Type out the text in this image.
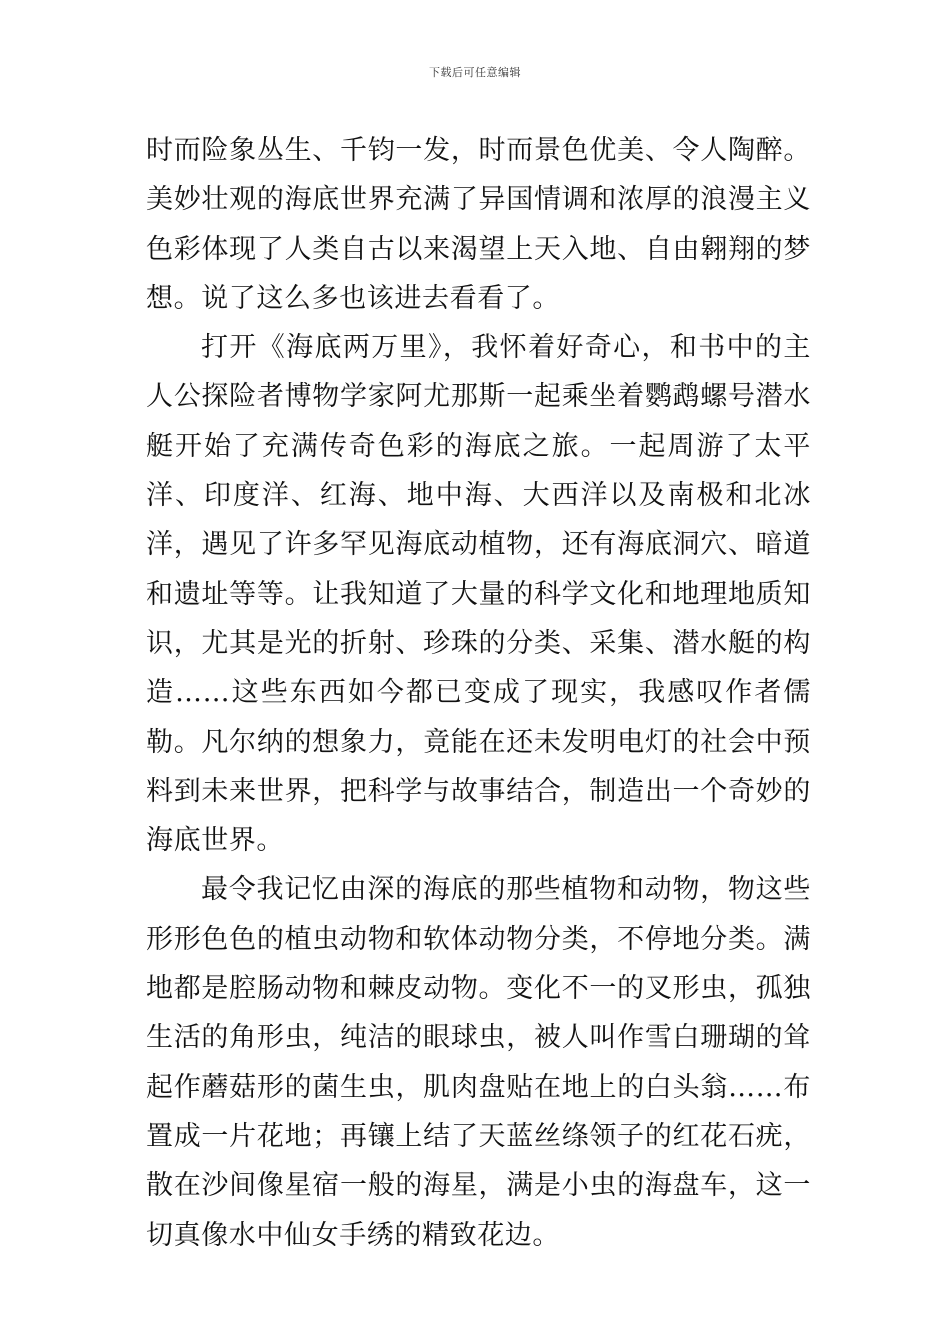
下载后可任意编辑

时而险象丛生、千钧一发，时而景色优美、令人陶醉。美妙壮观的海底世界充满了异国情调和浓厚的浪漫主义色彩体现了人类自古以来渴望上天入地、自由翱翔的梦想。说了这么多也该进去看看了。

打开《海底两万里》，我怀着好奇心，和书中的主人公探险者博物学家阿尤那斯一起乘坐着鹦鹉螺号潜水艇开始了充满传奇色彩的海底之旅。一起周游了太平洋、印度洋、红海、地中海、大西洋以及南极和北冰洋，遇见了许多罕见海底动植物，还有海底洞穴、暗道和遗址等等。让我知道了大量的科学文化和地理地质知识，尤其是光的折射、珍珠的分类、采集、潜水艇的构造……这些东西如今都已变成了现实，我感叹作者儒勒。凡尔纳的想象力，竟能在还未发明电灯的社会中预料到未来世界，把科学与故事结合，制造出一个奇妙的海底世界。

最令我记忆由深的海底的那些植物和动物，物这些形形色色的植虫动物和软体动物分类，不停地分类。满地都是腔肠动物和棘皮动物。变化不一的叉形虫，孤独生活的角形虫，纯洁的眼球虫，被人叫作雪白珊瑚的耸起作蘑菇形的菌生虫，肌肉盘贴在地上的白头翁……布置成一片花地；再镶上结了天蓝丝绦领子的红花石疣，散在沙间像星宿一般的海星，满是小虫的海盘车，这一切真像水中仙女手绣的精致花边。
